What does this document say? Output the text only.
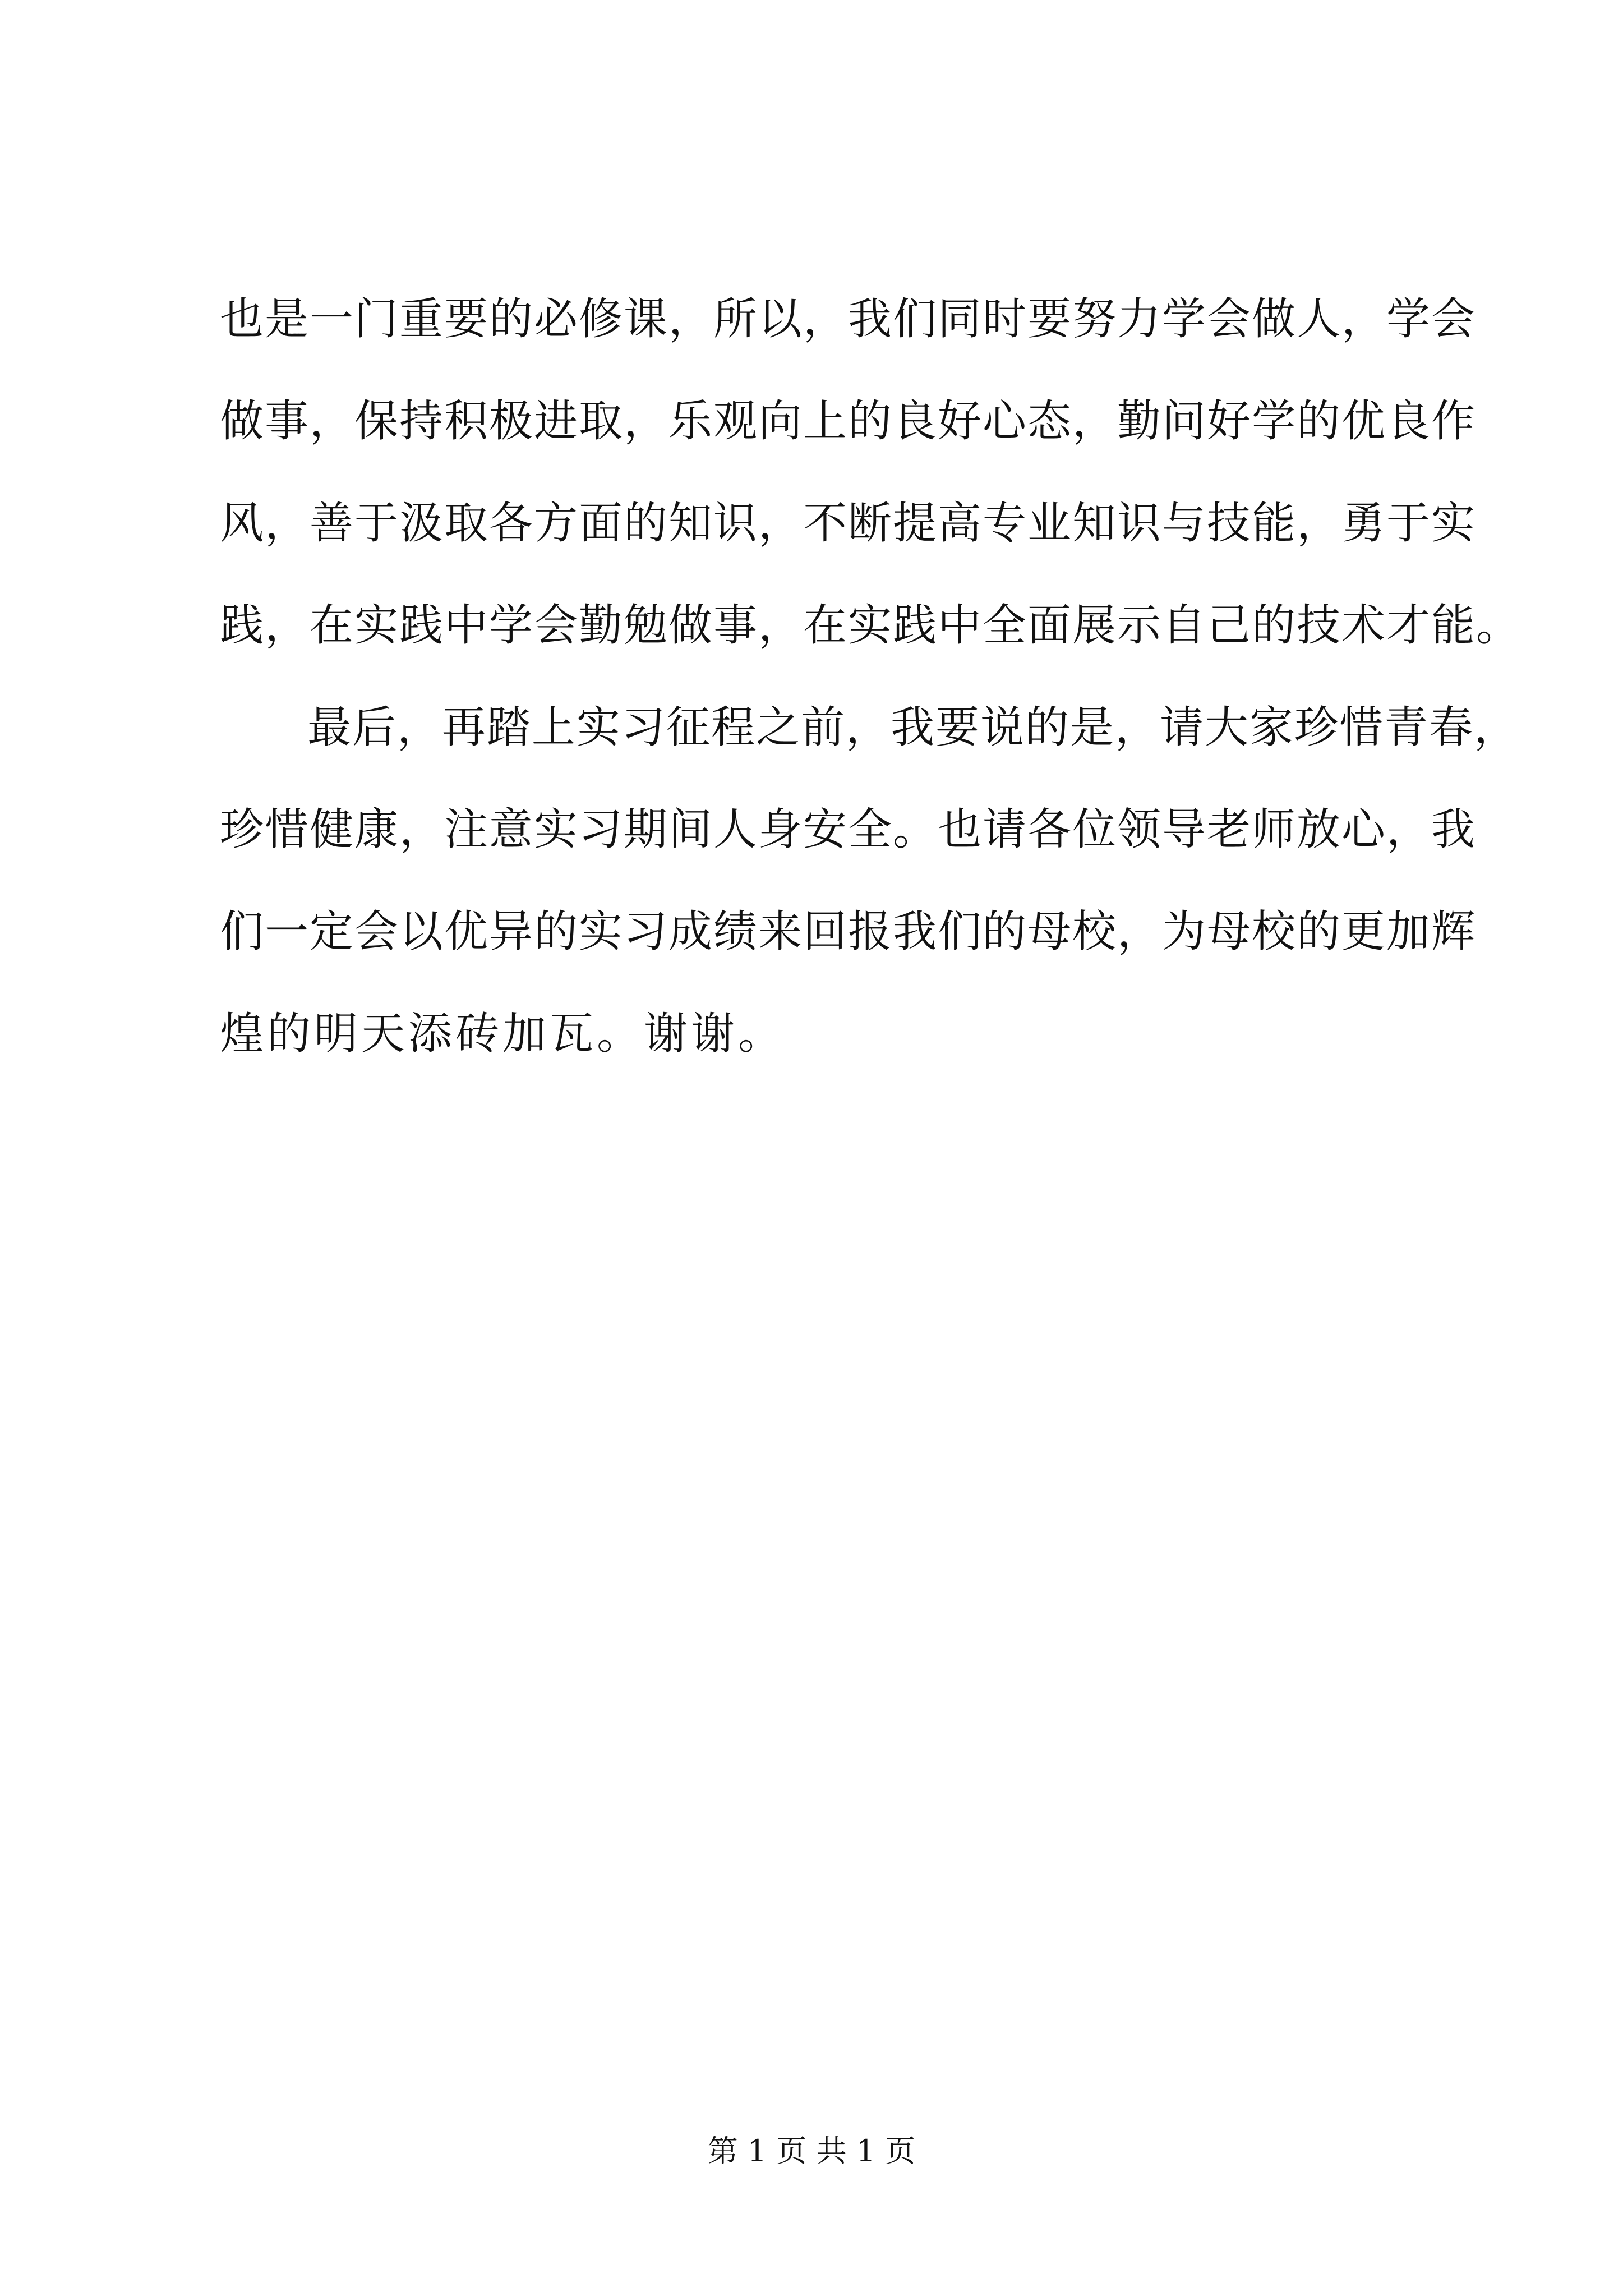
也是一门重要的必修课，所以，我们同时要努力学会做人，学会
做事，保持积极进取，乐观向上的良好心态，勤问好学的优良作
风，善于汲取各方面的知识，不断提高专业知识与技能，勇于实
践，在实践中学会勤勉做事，在实践中全面展示自己的技术才能。
最后，再踏上实习征程之前，我要说的是，请大家珍惜青春，
珍惜健康，注意实习期间人身安全。也请各位领导老师放心，我
们一定会以优异的实习成绩来回报我们的母校，为母校的更加辉
煌的明天添砖加瓦。谢谢。
第 1 页 共 1 页
